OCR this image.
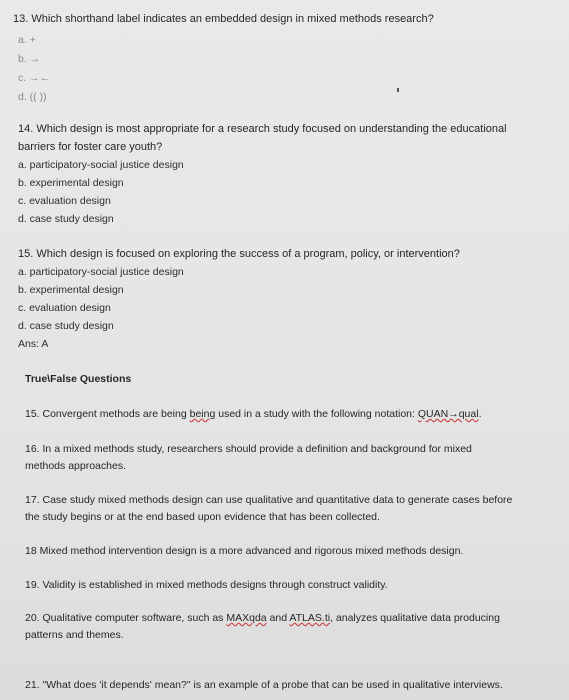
13. Which shorthand label indicates an embedded design in mixed methods research?
a. +
b. →
c. →←
d. (( ))
14. Which design is most appropriate for a research study focused on understanding the educational
barriers for foster care youth?
a. participatory-social justice design
b. experimental design
c. evaluation design
d. case study design
15. Which design is focused on exploring the success of a program, policy, or intervention?
a. participatory-social justice design
b. experimental design
c. evaluation design
d. case study design
Ans: A
True\False Questions
15. Convergent methods are being being used in a study with the following notation: QUAN→qual.
16. In a mixed methods study, researchers should provide a definition and background for mixed
methods approaches.
17. Case study mixed methods design can use qualitative and quantitative data to generate cases before
the study begins or at the end based upon evidence that has been collected.
18 Mixed method intervention design is a more advanced and rigorous mixed methods design.
19. Validity is established in mixed methods designs through construct validity.
20. Qualitative computer software, such as MAXqda and ATLAS.ti, analyzes qualitative data producing
patterns and themes.
21. "What does 'it depends' mean?" is an example of a probe that can be used in qualitative interviews.
